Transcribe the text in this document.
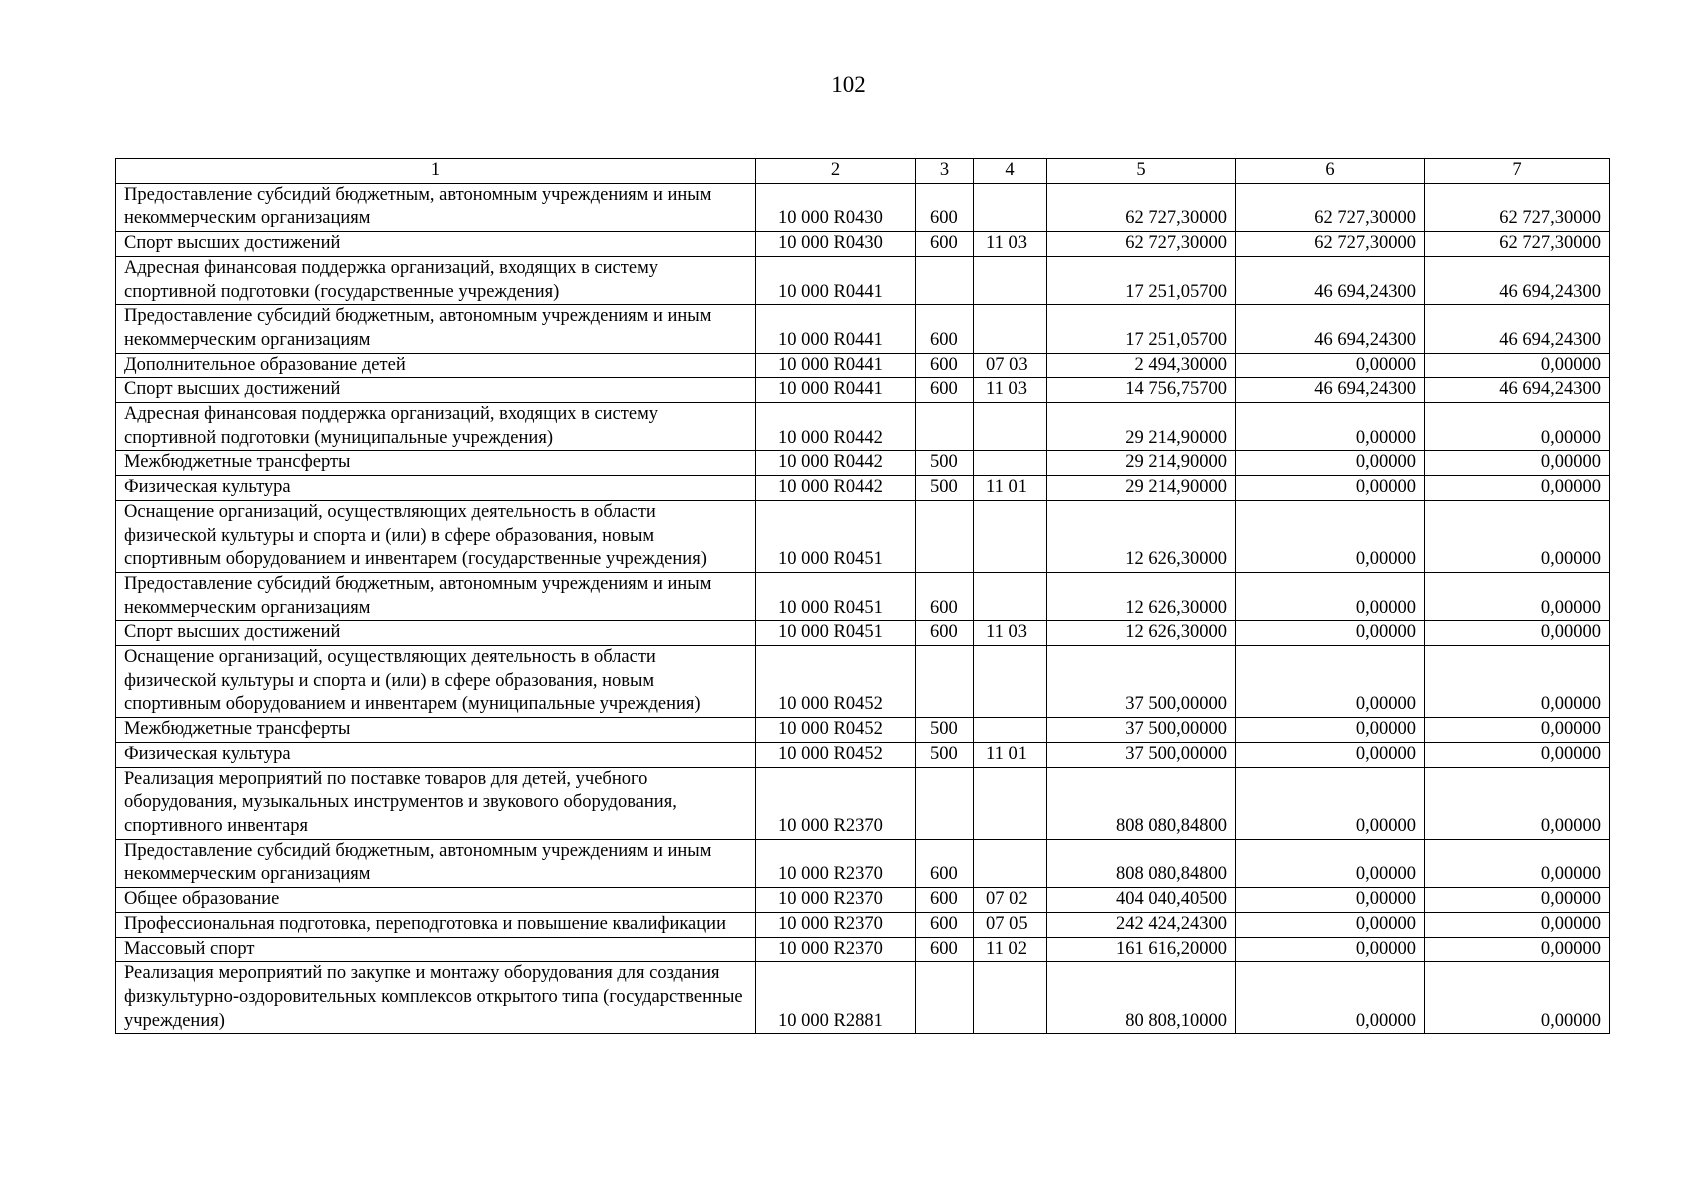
102
1	2	3	4	5	6	7
Предоставление субсидий бюджетным, автономным учреждениям и иным некоммерческим организациям	10 000 R0430	600		62 727,30000	62 727,30000	62 727,30000
Спорт высших достижений	10 000 R0430	600	11 03	62 727,30000	62 727,30000	62 727,30000
Адресная финансовая поддержка организаций, входящих в систему спортивной подготовки (государственные учреждения)	10 000 R0441			17 251,05700	46 694,24300	46 694,24300
Предоставление субсидий бюджетным, автономным учреждениям и иным некоммерческим организациям	10 000 R0441	600		17 251,05700	46 694,24300	46 694,24300
Дополнительное образование детей	10 000 R0441	600	07 03	2 494,30000	0,00000	0,00000
Спорт высших достижений	10 000 R0441	600	11 03	14 756,75700	46 694,24300	46 694,24300
Адресная финансовая поддержка организаций, входящих в систему спортивной подготовки (муниципальные учреждения)	10 000 R0442			29 214,90000	0,00000	0,00000
Межбюджетные трансферты	10 000 R0442	500		29 214,90000	0,00000	0,00000
Физическая культура	10 000 R0442	500	11 01	29 214,90000	0,00000	0,00000
Оснащение организаций, осуществляющих деятельность в области физической культуры и спорта и (или) в сфере образования, новым спортивным оборудованием и инвентарем (государственные учреждения)	10 000 R0451			12 626,30000	0,00000	0,00000
Предоставление субсидий бюджетным, автономным учреждениям и иным некоммерческим организациям	10 000 R0451	600		12 626,30000	0,00000	0,00000
Спорт высших достижений	10 000 R0451	600	11 03	12 626,30000	0,00000	0,00000
Оснащение организаций, осуществляющих деятельность в области физической культуры и спорта и (или) в сфере образования, новым спортивным оборудованием и инвентарем (муниципальные учреждения)	10 000 R0452			37 500,00000	0,00000	0,00000
Межбюджетные трансферты	10 000 R0452	500		37 500,00000	0,00000	0,00000
Физическая культура	10 000 R0452	500	11 01	37 500,00000	0,00000	0,00000
Реализация мероприятий по поставке товаров для детей, учебного оборудования, музыкальных инструментов и звукового оборудования, спортивного инвентаря	10 000 R2370			808 080,84800	0,00000	0,00000
Предоставление субсидий бюджетным, автономным учреждениям и иным некоммерческим организациям	10 000 R2370	600		808 080,84800	0,00000	0,00000
Общее образование	10 000 R2370	600	07 02	404 040,40500	0,00000	0,00000
Профессиональная подготовка, переподготовка и повышение квалификации	10 000 R2370	600	07 05	242 424,24300	0,00000	0,00000
Массовый спорт	10 000 R2370	600	11 02	161 616,20000	0,00000	0,00000
Реализация мероприятий по закупке и монтажу оборудования для создания физкультурно-оздоровительных комплексов открытого типа (государственные учреждения)	10 000 R2881			80 808,10000	0,00000	0,00000
